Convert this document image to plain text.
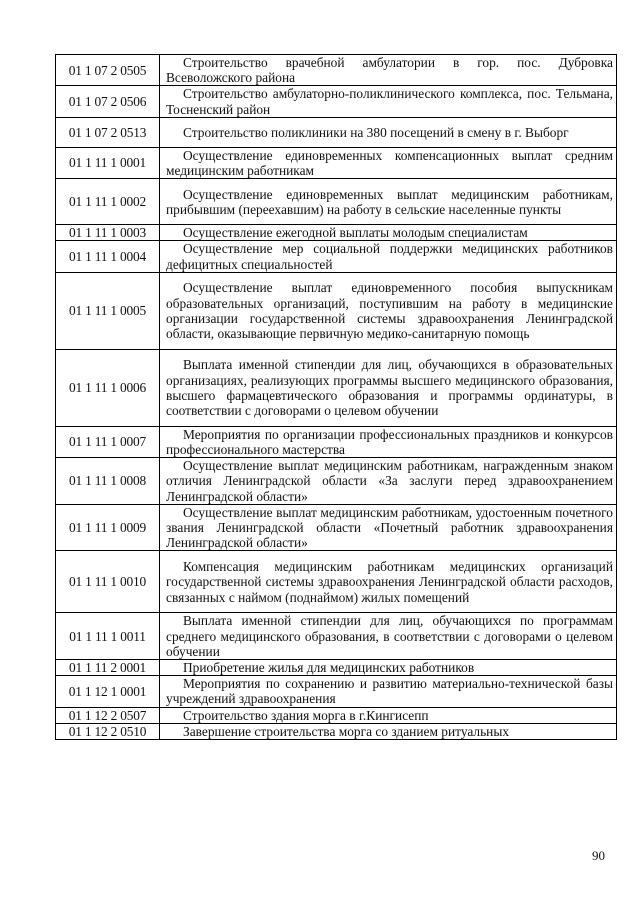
01 1 07 2 0505	Строительство врачебной амбулатории в гор. пос. Дубровка Всеволожского района
01 1 07 2 0506	Строительство амбулаторно-поликлинического комплекса, пос. Тельмана, Тосненский район
01 1 07 2 0513	Строительство поликлиники на 380 посещений в смену в г. Выборг
01 1 11 1 0001	Осуществление единовременных компенсационных выплат средним медицинским работникам
01 1 11 1 0002	Осуществление единовременных выплат медицинским работникам, прибывшим (переехавшим) на работу в сельские населенные пункты
01 1 11 1 0003	Осуществление ежегодной выплаты молодым специалистам
01 1 11 1 0004	Осуществление мер социальной поддержки медицинских работников дефицитных специальностей
01 1 11 1 0005	Осуществление выплат единовременного пособия выпускникам образовательных организаций, поступившим на работу в медицинские организации государственной системы здравоохранения Ленинградской области, оказывающие первичную медико-санитарную помощь
01 1 11 1 0006	Выплата именной стипендии для лиц, обучающихся в образовательных организациях, реализующих программы высшего медицинского образования, высшего фармацевтического образования и программы ординатуры, в соответствии с договорами о целевом обучении
01 1 11 1 0007	Мероприятия по организации профессиональных праздников и конкурсов профессионального мастерства
01 1 11 1 0008	Осуществление выплат медицинским работникам, награжденным знаком отличия Ленинградской области «За заслуги перед здравоохранением Ленинградской области»
01 1 11 1 0009	Осуществление выплат медицинским работникам, удостоенным почетного звания Ленинградской области «Почетный работник здравоохранения Ленинградской области»
01 1 11 1 0010	Компенсация медицинским работникам медицинских организаций государственной системы здравоохранения Ленинградской области расходов, связанных с наймом (поднаймом) жилых помещений
01 1 11 1 0011	Выплата именной стипендии для лиц, обучающихся по программам среднего медицинского образования, в соответствии с договорами о целевом обучении
01 1 11 2 0001	Приобретение жилья для медицинских работников
01 1 12 1 0001	Мероприятия по сохранению и развитию материально-технической базы учреждений здравоохранения
01 1 12 2 0507	Строительство здания морга в г.Кингисепп
01 1 12 2 0510	Завершение строительства морга со зданием ритуальных
90
